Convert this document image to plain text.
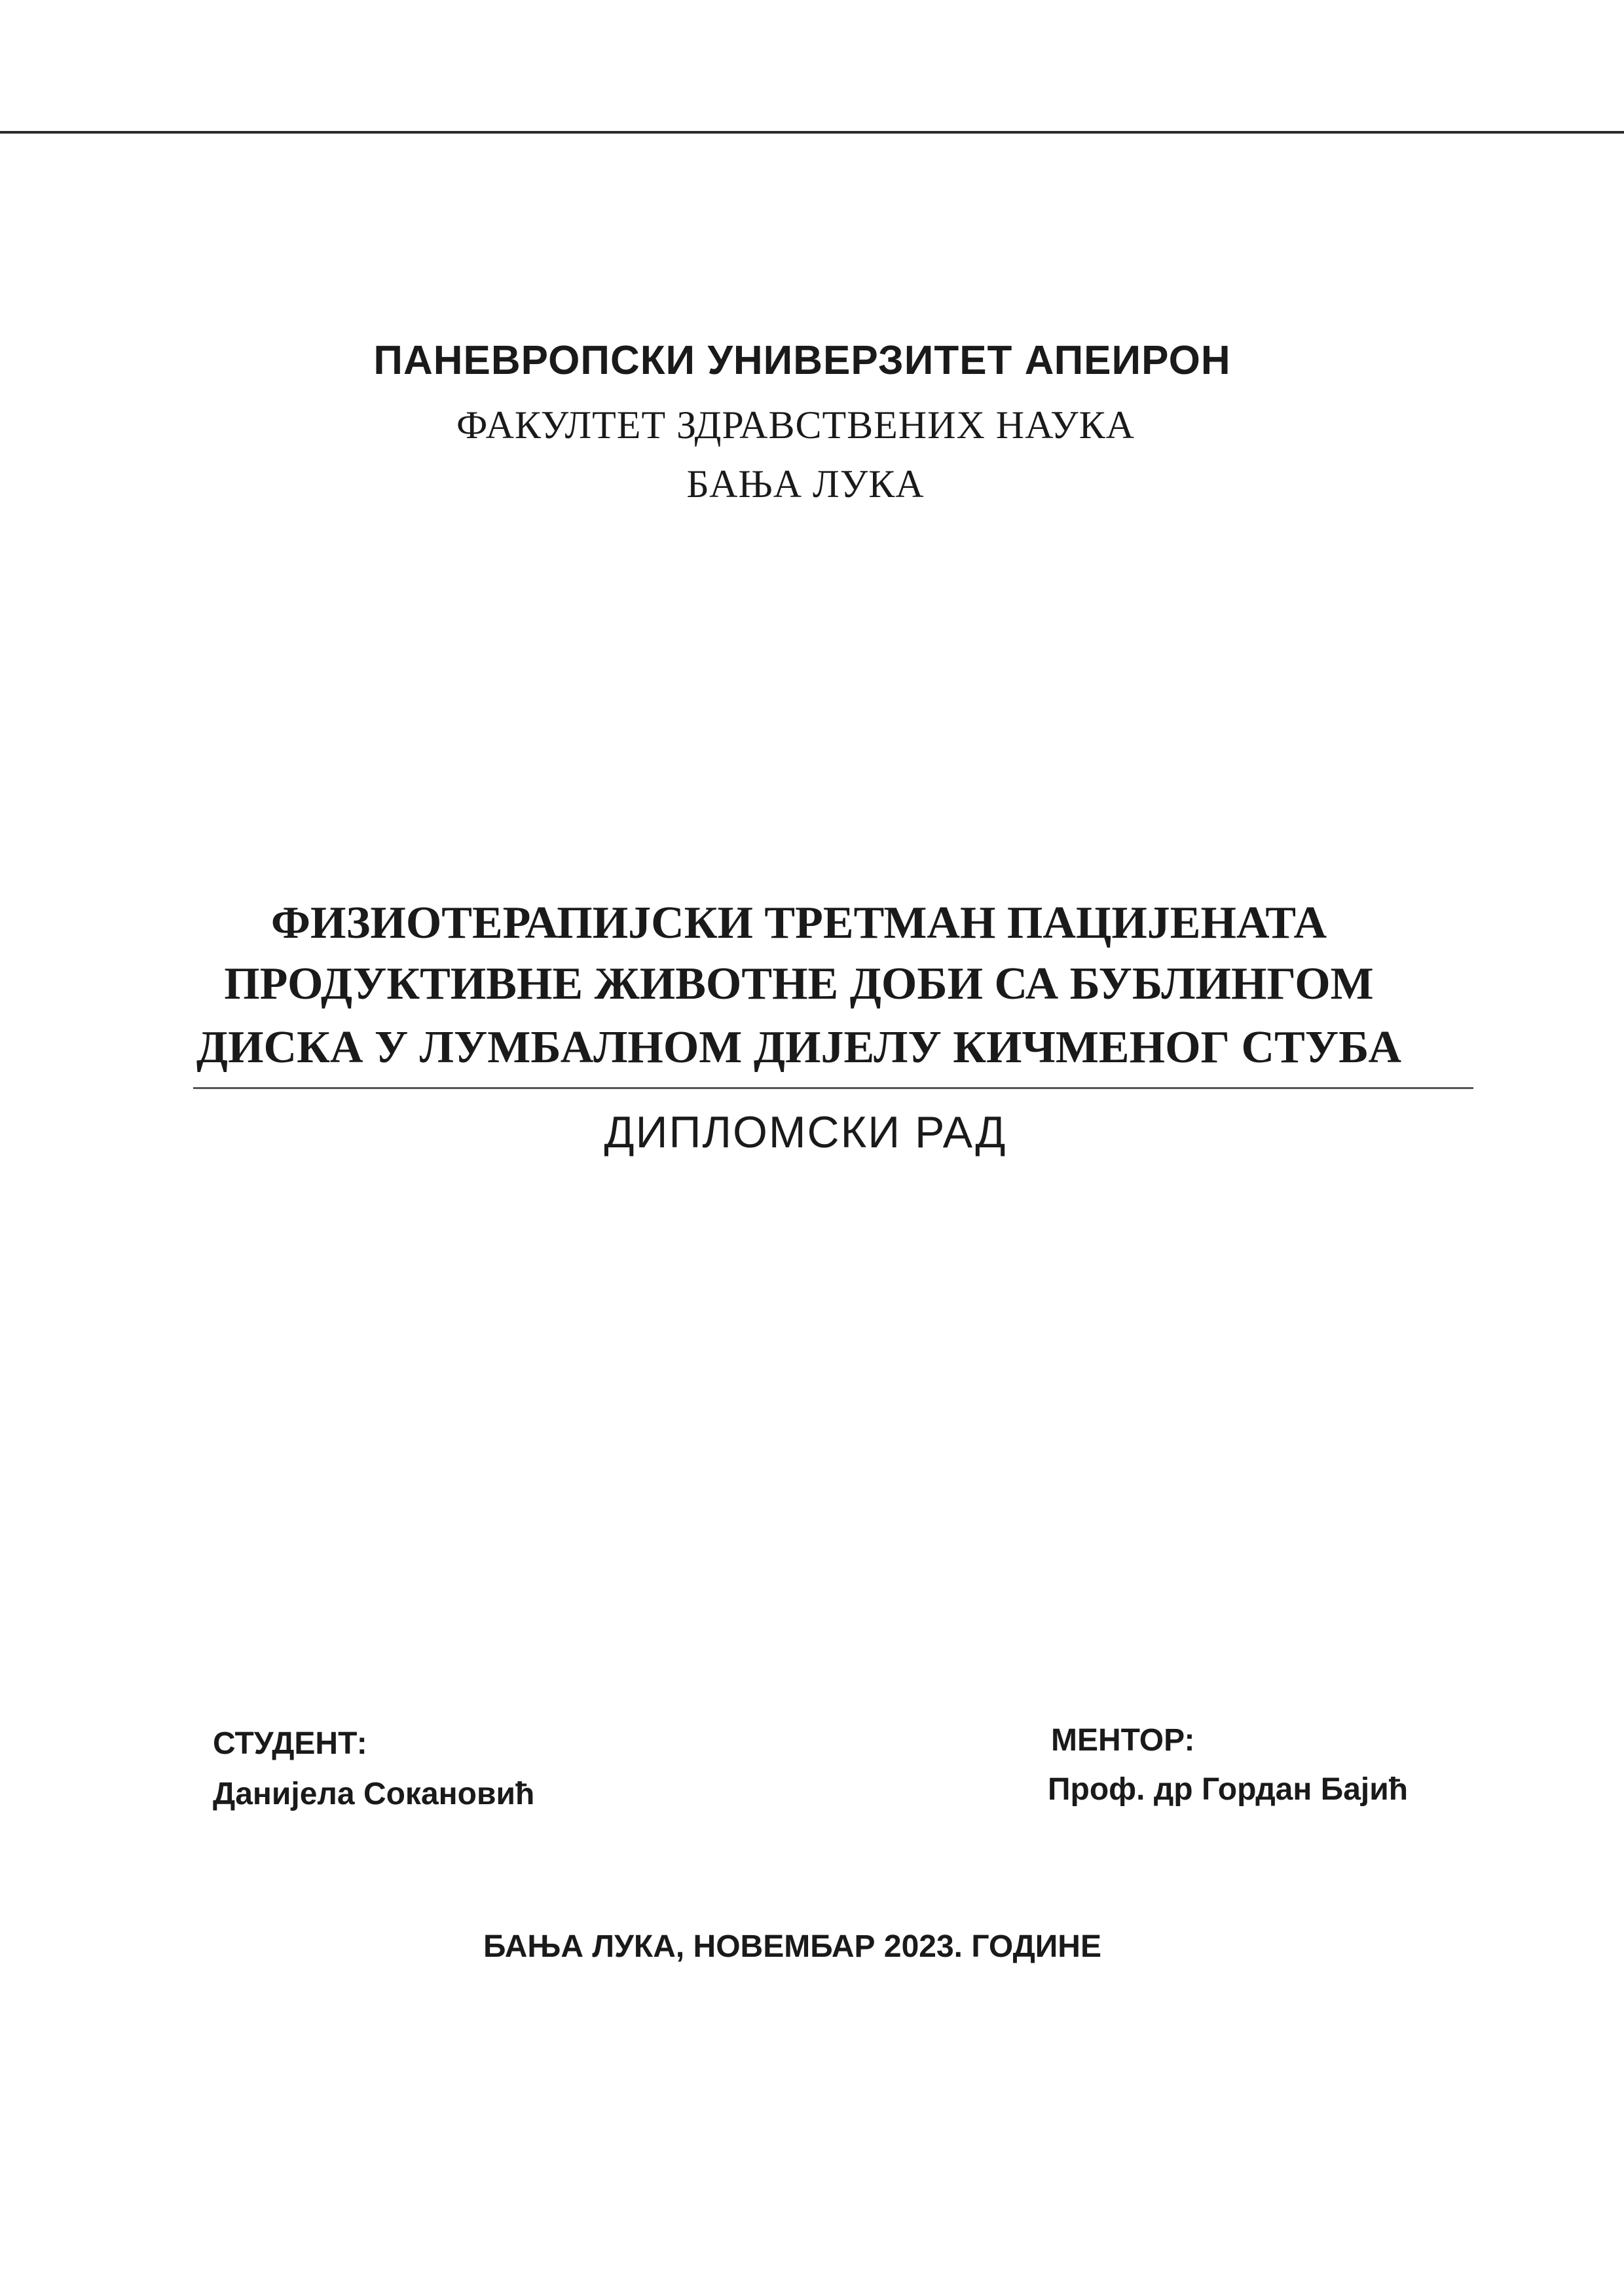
ПАНЕВРОПСКИ УНИВЕРЗИТЕТ АПЕИРОН
ФАКУЛТЕТ ЗДРАВСТВЕНИХ НАУКА
БАЊА ЛУКА
ФИЗИОТЕРАПИЈСКИ ТРЕТМАН ПАЦИЈЕНАТА
ПРОДУКТИВНЕ ЖИВОТНЕ ДОБИ СА БУБЛИНГОМ
ДИСКА У ЛУМБАЛНОМ ДИЈЕЛУ КИЧМЕНОГ СТУБА
ДИПЛОМСКИ РАД
СТУДЕНТ:
Данијела Сокановић
МЕНТОР:
Проф. др Гордан Бајић
БАЊА ЛУКА, НОВЕМБАР 2023. ГОДИНЕ
